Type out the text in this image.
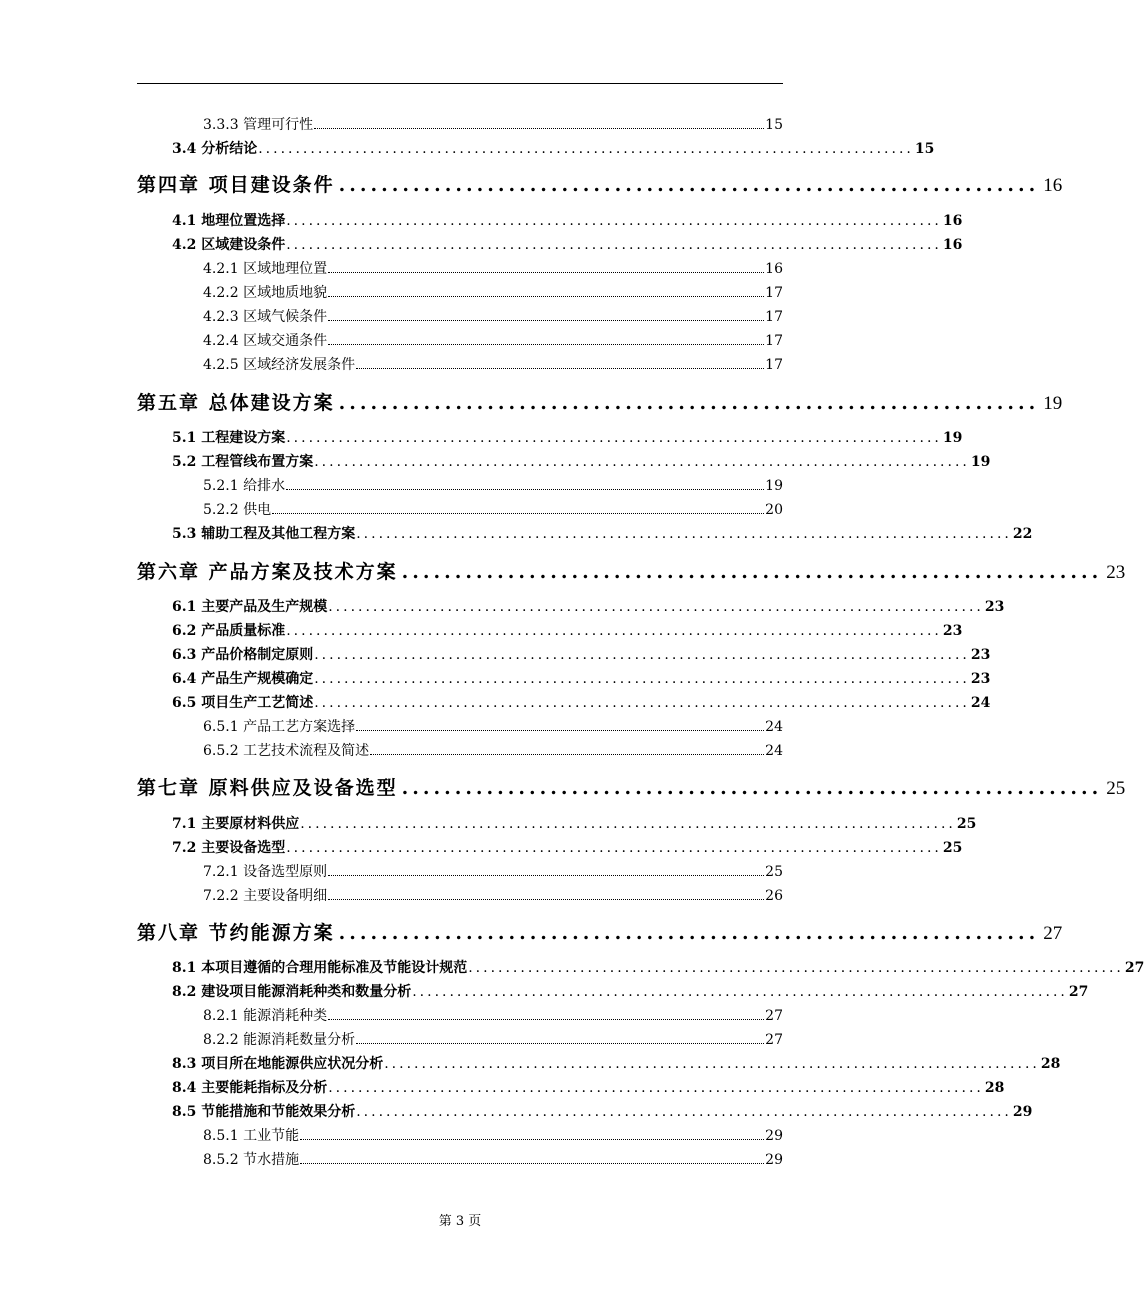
3.3.3 管理可行性	15
3.4 分析结论 ........................................................................................ 15
第四章 项目建设条件 .................................................................. 16
4.1 地理位置选择 ........................................................................................ 16
4.2 区域建设条件 ........................................................................................ 16
4.2.1 区域地理位置	16
4.2.2 区域地质地貌	17
4.2.3 区域气候条件	17
4.2.4 区域交通条件	17
4.2.5 区域经济发展条件	17
第五章 总体建设方案 .................................................................. 19
5.1 工程建设方案 ........................................................................................ 19
5.2 工程管线布置方案 ........................................................................................ 19
5.2.1 给排水	19
5.2.2 供电	20
5.3 辅助工程及其他工程方案 ........................................................................................ 22
第六章 产品方案及技术方案 .................................................................. 23
6.1 主要产品及生产规模 ........................................................................................ 23
6.2 产品质量标准 ........................................................................................ 23
6.3 产品价格制定原则 ........................................................................................ 23
6.4 产品生产规模确定 ........................................................................................ 23
6.5 项目生产工艺简述 ........................................................................................ 24
6.5.1 产品工艺方案选择	24
6.5.2 工艺技术流程及简述	24
第七章 原料供应及设备选型 .................................................................. 25
7.1 主要原材料供应 ........................................................................................ 25
7.2 主要设备选型 ........................................................................................ 25
7.2.1 设备选型原则	25
7.2.2 主要设备明细	26
第八章 节约能源方案 .................................................................. 27
8.1 本项目遵循的合理用能标准及节能设计规范 ........................................................................................ 27
8.2 建设项目能源消耗种类和数量分析 ........................................................................................ 27
8.2.1 能源消耗种类	27
8.2.2 能源消耗数量分析	27
8.3 项目所在地能源供应状况分析 ........................................................................................ 28
8.4 主要能耗指标及分析 ........................................................................................ 28
8.5 节能措施和节能效果分析 ........................................................................................ 29
8.5.1 工业节能	29
8.5.2 节水措施	29
第 3 页
